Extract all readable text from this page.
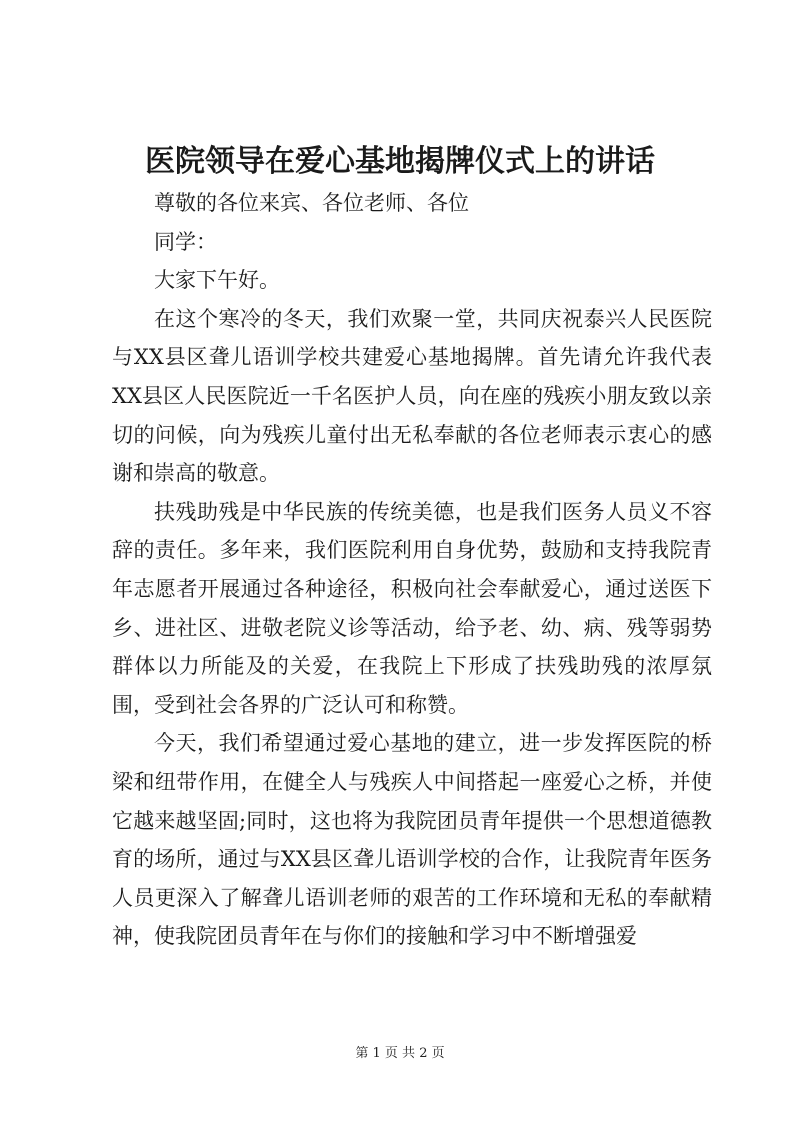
医院领导在爱心基地揭牌仪式上的讲话

尊敬的各位来宾、各位老师、各位

同学：

大家下午好。

在这个寒冷的冬天，我们欢聚一堂，共同庆祝泰兴人民医院与XX县区聋儿语训学校共建爱心基地揭牌。首先请允许我代表XX县区人民医院近一千名医护人员，向在座的残疾小朋友致以亲切的问候，向为残疾儿童付出无私奉献的各位老师表示衷心的感谢和崇高的敬意。

扶残助残是中华民族的传统美德，也是我们医务人员义不容辞的责任。多年来，我们医院利用自身优势，鼓励和支持我院青年志愿者开展通过各种途径，积极向社会奉献爱心，通过送医下乡、进社区、进敬老院义诊等活动，给予老、幼、病、残等弱势群体以力所能及的关爱，在我院上下形成了扶残助残的浓厚氛围，受到社会各界的广泛认可和称赞。

今天，我们希望通过爱心基地的建立，进一步发挥医院的桥梁和纽带作用，在健全人与残疾人中间搭起一座爱心之桥，并使它越来越坚固;同时，这也将为我院团员青年提供一个思想道德教育的场所，通过与XX县区聋儿语训学校的合作，让我院青年医务人员更深入了解聋儿语训老师的艰苦的工作环境和无私的奉献精神，使我院团员青年在与你们的接触和学习中不断增强爱

第 1 页 共 2 页
